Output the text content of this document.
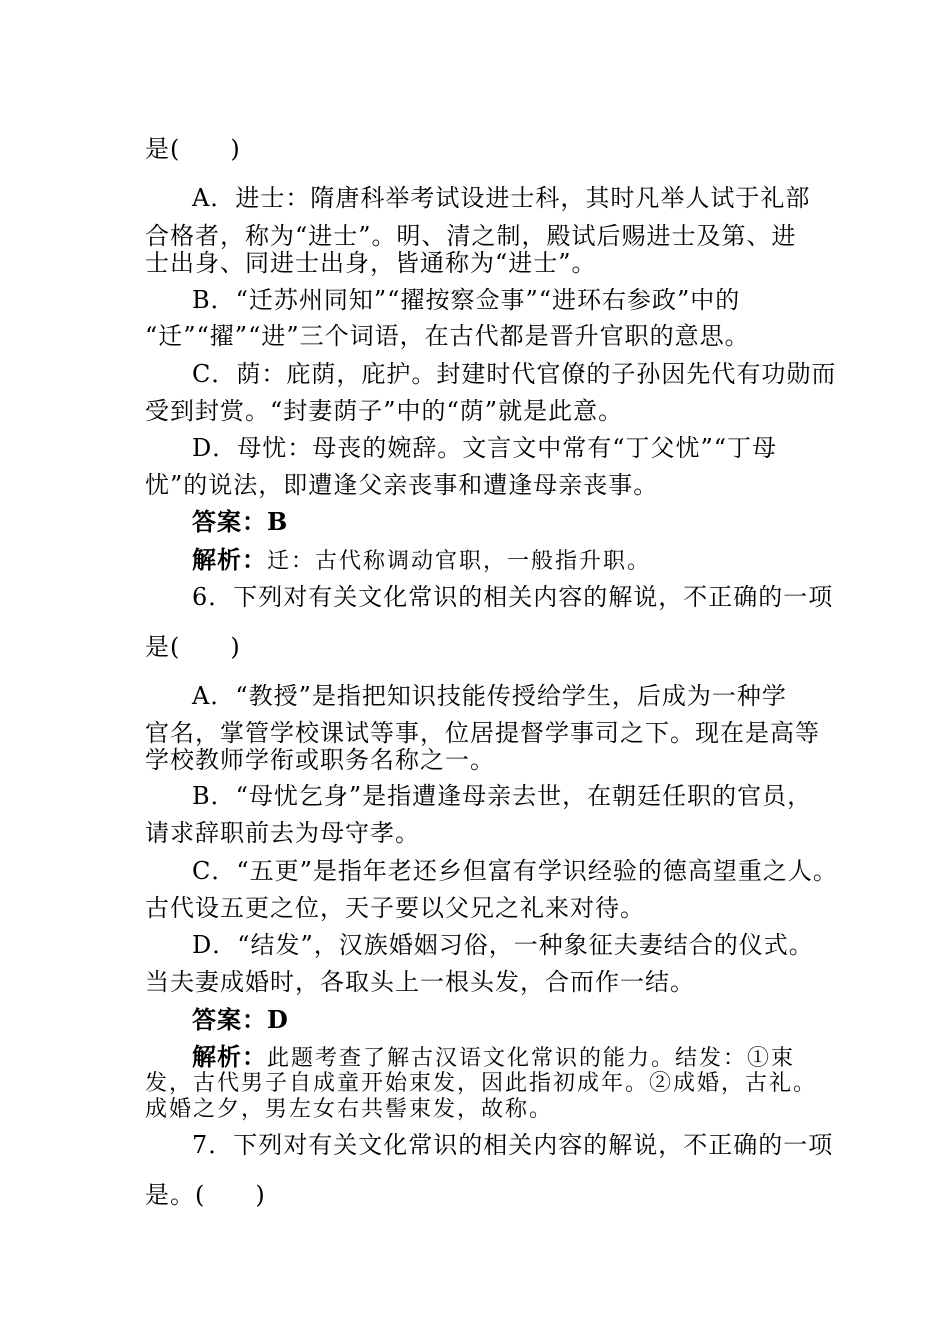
是(　　)
A．进士：隋唐科举考试设进士科，其时凡举人试于礼部
合格者，称为“进士”。明、清之制，殿试后赐进士及第、进
士出身、同进士出身，皆通称为“进士”。
B．“迁苏州同知”“擢按察佥事”“进环右参政”中的
“迁”“擢”“进”三个词语，在古代都是晋升官职的意思。
C．荫：庇荫，庇护。封建时代官僚的子孙因先代有功勋而
受到封赏。“封妻荫子”中的“荫”就是此意。
D．母忧：母丧的婉辞。文言文中常有“丁父忧”“丁母
忧”的说法，即遭逢父亲丧事和遭逢母亲丧事。
答案：B
解析：迁：古代称调动官职，一般指升职。
6．下列对有关文化常识的相关内容的解说，不正确的一项
是(　　)
A．“教授”是指把知识技能传授给学生，后成为一种学
官名，掌管学校课试等事，位居提督学事司之下。现在是高等
学校教师学衔或职务名称之一。
B．“母忧乞身”是指遭逢母亲去世，在朝廷任职的官员，
请求辞职前去为母守孝。
C．“五更”是指年老还乡但富有学识经验的德高望重之人。
古代设五更之位，天子要以父兄之礼来对待。
D．“结发”，汉族婚姻习俗，一种象征夫妻结合的仪式。
当夫妻成婚时，各取头上一根头发，合而作一结。
答案：D
解析：此题考查了解古汉语文化常识的能力。结发：①束
发，古代男子自成童开始束发，因此指初成年。②成婚，古礼。
成婚之夕，男左女右共髻束发，故称。
7．下列对有关文化常识的相关内容的解说，不正确的一项
是。(　　)
